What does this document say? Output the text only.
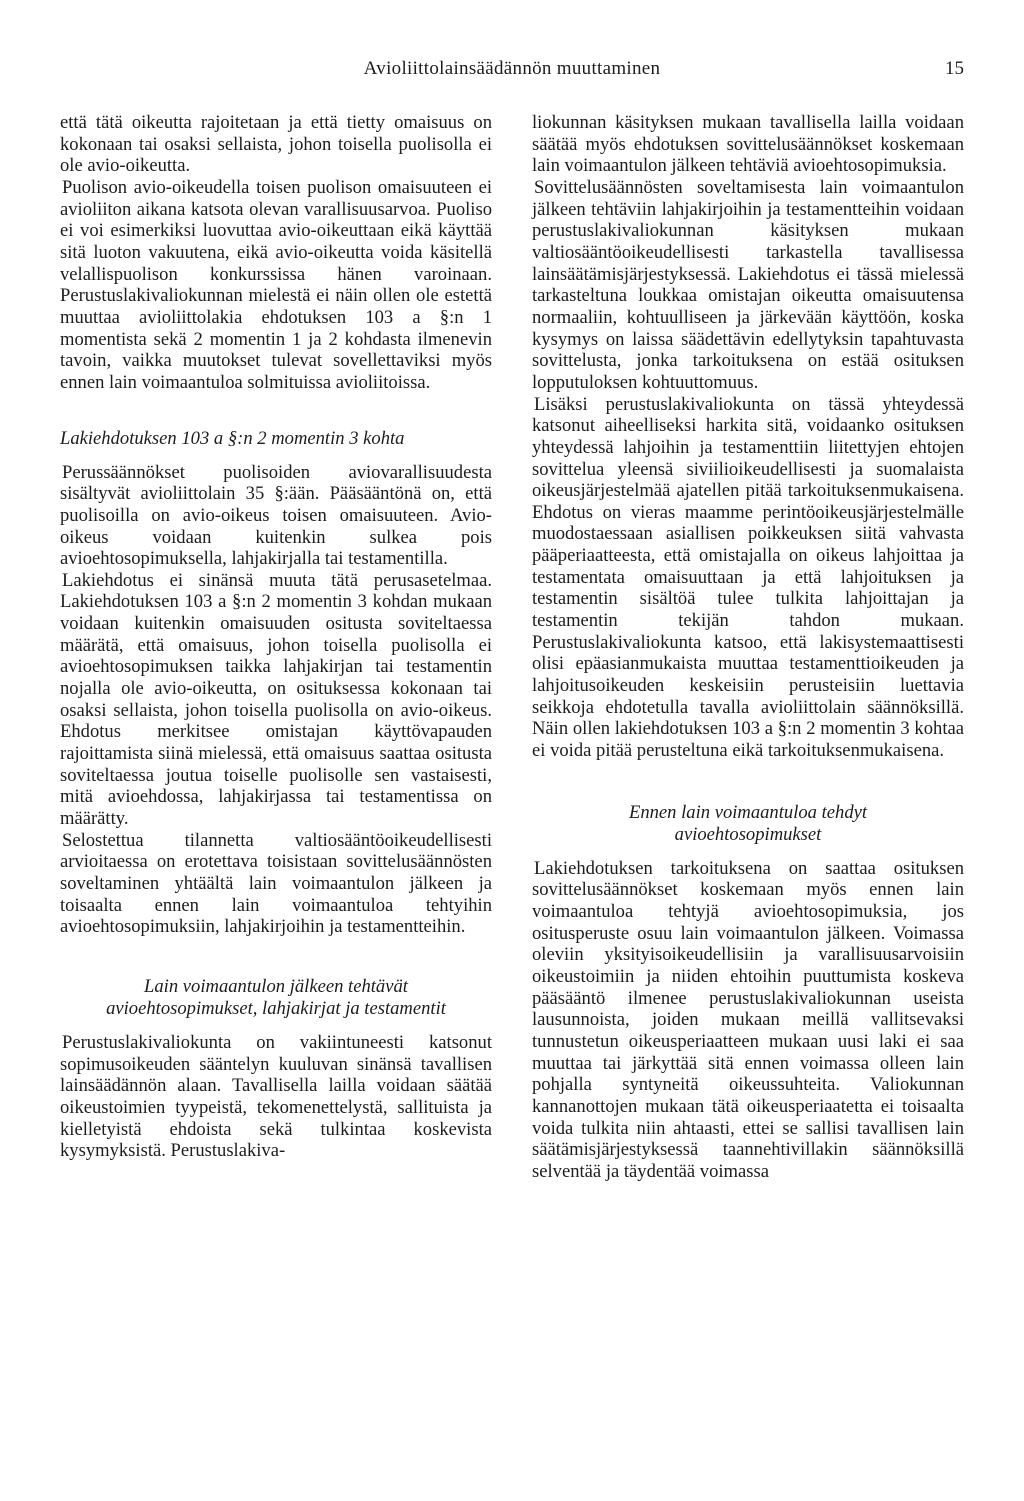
Avioliittolainsäädännön muuttaminen	15

että tätä oikeutta rajoitetaan ja että tietty omaisuus on kokonaan tai osaksi sellaista, johon toisella puolisolla ei ole avio-oikeutta.

Puolison avio-oikeudella toisen puolison omaisuuteen ei avioliiton aikana katsota olevan varallisuusarvoa. Puoliso ei voi esimerkiksi luovuttaa avio-oikeuttaan eikä käyttää sitä luoton vakuutena, eikä avio-oikeutta voida käsitellä velallispuolison konkurssissa hänen varoinaan. Perustuslakivaliokunnan mielestä ei näin ollen ole estettä muuttaa avioliittolakia ehdotuksen 103 a §:n 1 momentista sekä 2 momentin 1 ja 2 kohdasta ilmenevin tavoin, vaikka muutokset tulevat sovellettaviksi myös ennen lain voimaantuloa solmituissa avioliitoissa.

Lakiehdotuksen 103 a §:n 2 momentin 3 kohta

Perussäännökset puolisoiden aviovarallisuudesta sisältyvät avioliittolain 35 §:ään. Pääsääntönä on, että puolisoilla on avio-oikeus toisen omaisuuteen. Avio-oikeus voidaan kuitenkin sulkea pois avioehtosopimuksella, lahjakirjalla tai testamentilla.

Lakiehdotus ei sinänsä muuta tätä perusasetelmaa. Lakiehdotuksen 103 a §:n 2 momentin 3 kohdan mukaan voidaan kuitenkin omaisuuden ositusta soviteltaessa määrätä, että omaisuus, johon toisella puolisolla ei avioehtosopimuksen taikka lahjakirjan tai testamentin nojalla ole avio-oikeutta, on osituksessa kokonaan tai osaksi sellaista, johon toisella puolisolla on avio-oikeus. Ehdotus merkitsee omistajan käyttövapauden rajoittamista siinä mielessä, että omaisuus saattaa ositusta soviteltaessa joutua toiselle puolisolle sen vastaisesti, mitä avioehdossa, lahjakirjassa tai testamentissa on määrätty.

Selostettua tilannetta valtiosääntöoikeudellisesti arvioitaessa on erotettava toisistaan sovittelusäännösten soveltaminen yhtäältä lain voimaantulon jälkeen ja toisaalta ennen lain voimaantuloa tehtyihin avioehtosopimuksiin, lahjakirjoihin ja testamentteihin.

Lain voimaantulon jälkeen tehtävät
avioehtosopimukset, lahjakirjat ja testamentit

Perustuslakivaliokunta on vakiintuneesti katsonut sopimusoikeuden sääntelyn kuuluvan sinänsä tavallisen lainsäädännön alaan. Tavallisella lailla voidaan säätää oikeustoimien tyypeistä, tekomenettelystä, sallituista ja kielletyistä ehdoista sekä tulkintaa koskevista kysymyksistä. Perustuslakiva-

liokunnan käsityksen mukaan tavallisella lailla voidaan säätää myös ehdotuksen sovittelusäännökset koskemaan lain voimaantulon jälkeen tehtäviä avioehtosopimuksia.

Sovittelusäännösten soveltamisesta lain voimaantulon jälkeen tehtäviin lahjakirjoihin ja testamentteihin voidaan perustuslakivaliokunnan käsityksen mukaan valtiosääntöoikeudellisesti tarkastella tavallisessa lainsäätämisjärjestyksessä. Lakiehdotus ei tässä mielessä tarkasteltuna loukkaa omistajan oikeutta omaisuutensa normaaliin, kohtuulliseen ja järkevään käyttöön, koska kysymys on laissa säädettävin edellytyksin tapahtuvasta sovittelusta, jonka tarkoituksena on estää osituksen lopputuloksen kohtuuttomuus.

Lisäksi perustuslakivaliokunta on tässä yhteydessä katsonut aiheelliseksi harkita sitä, voidaanko osituksen yhteydessä lahjoihin ja testamenttiin liitettyjen ehtojen sovittelua yleensä siviilioikeudellisesti ja suomalaista oikeusjärjestelmää ajatellen pitää tarkoituksenmukaisena. Ehdotus on vieras maamme perintöoikeusjärjestelmälle muodostaessaan asiallisen poikkeuksen siitä vahvasta pääperiaatteesta, että omistajalla on oikeus lahjoittaa ja testamentata omaisuuttaan ja että lahjoituksen ja testamentin sisältöä tulee tulkita lahjoittajan ja testamentin tekijän tahdon mukaan. Perustuslakivaliokunta katsoo, että lakisystemaattisesti olisi epäasianmukaista muuttaa testamenttioikeuden ja lahjoitusoikeuden keskeisiin perusteisiin luettavia seikkoja ehdotetulla tavalla avioliittolain säännöksillä. Näin ollen lakiehdotuksen 103 a §:n 2 momentin 3 kohtaa ei voida pitää perusteltuna eikä tarkoituksenmukaisena.

Ennen lain voimaantuloa tehdyt
avioehtosopimukset

Lakiehdotuksen tarkoituksena on saattaa osituksen sovittelusäännökset koskemaan myös ennen lain voimaantuloa tehtyjä avioehtosopimuksia, jos ositusperuste osuu lain voimaantulon jälkeen. Voimassa oleviin yksityisoikeudellisiin ja varallisuusarvoisiin oikeustoimiin ja niiden ehtoihin puuttumista koskeva pääsääntö ilmenee perustuslakivaliokunnan useista lausunnoista, joiden mukaan meillä vallitsevaksi tunnustetun oikeusperiaatteen mukaan uusi laki ei saa muuttaa tai järkyttää sitä ennen voimassa olleen lain pohjalla syntyneitä oikeussuhteita. Valiokunnan kannanottojen mukaan tätä oikeusperiaatetta ei toisaalta voida tulkita niin ahtaasti, ettei se sallisi tavallisen lain säätämisjärjestyksessä taannehtivillakin säännöksillä selventää ja täydentää voimassa
